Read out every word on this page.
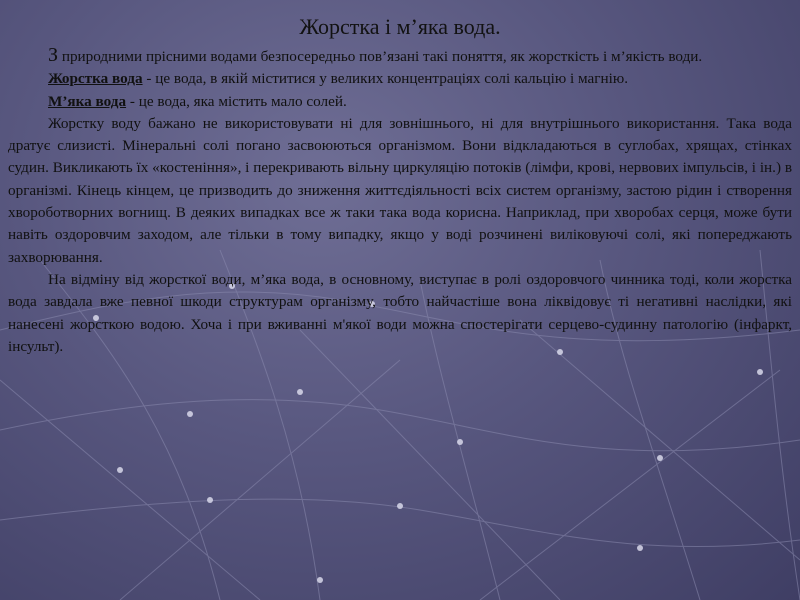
Жорстка і м’яка вода.

З природними прісними водами безпосередньо пов’язані такі поняття, як жорсткість і м’якість води.

Жорстка вода - це вода, в якій міститися у великих концентраціях солі кальцію і магнію.

М’яка вода - це вода, яка містить мало солей.

Жорстку воду бажано не використовувати ні для зовнішнього, ні для внутрішнього використання. Така вода дратує слизисті. Мінеральні солі погано засвоюються організмом. Вони відкладаються в суглобах, хрящах, стінках судин. Викликають їх «костеніння», і перекривають вільну циркуляцію потоків (лімфи, крові, нервових імпульсів, і ін.) в організмі. Кінець кінцем, це призводить до зниження життєдіяльності всіх систем організму, застою рідин і створення хвороботворних вогнищ. В деяких випадках все ж таки така вода корисна. Наприклад, при хворобах серця, може бути навіть оздоровчим заходом, але тільки в тому випадку, якщо у воді розчинені виліковуючі солі, які попереджають захворювання.

На відміну від жорсткої води, м’яка вода, в основному, виступає в ролі оздоровчого чинника тоді, коли жорстка вода завдала вже певної шкоди структурам організму, тобто найчастіше вона ліквідовує ті негативні наслідки, які нанесені жорсткою водою. Хоча і при вживанні м'якої води можна спостерігати серцево-судинну патологію (інфаркт, інсульт).
